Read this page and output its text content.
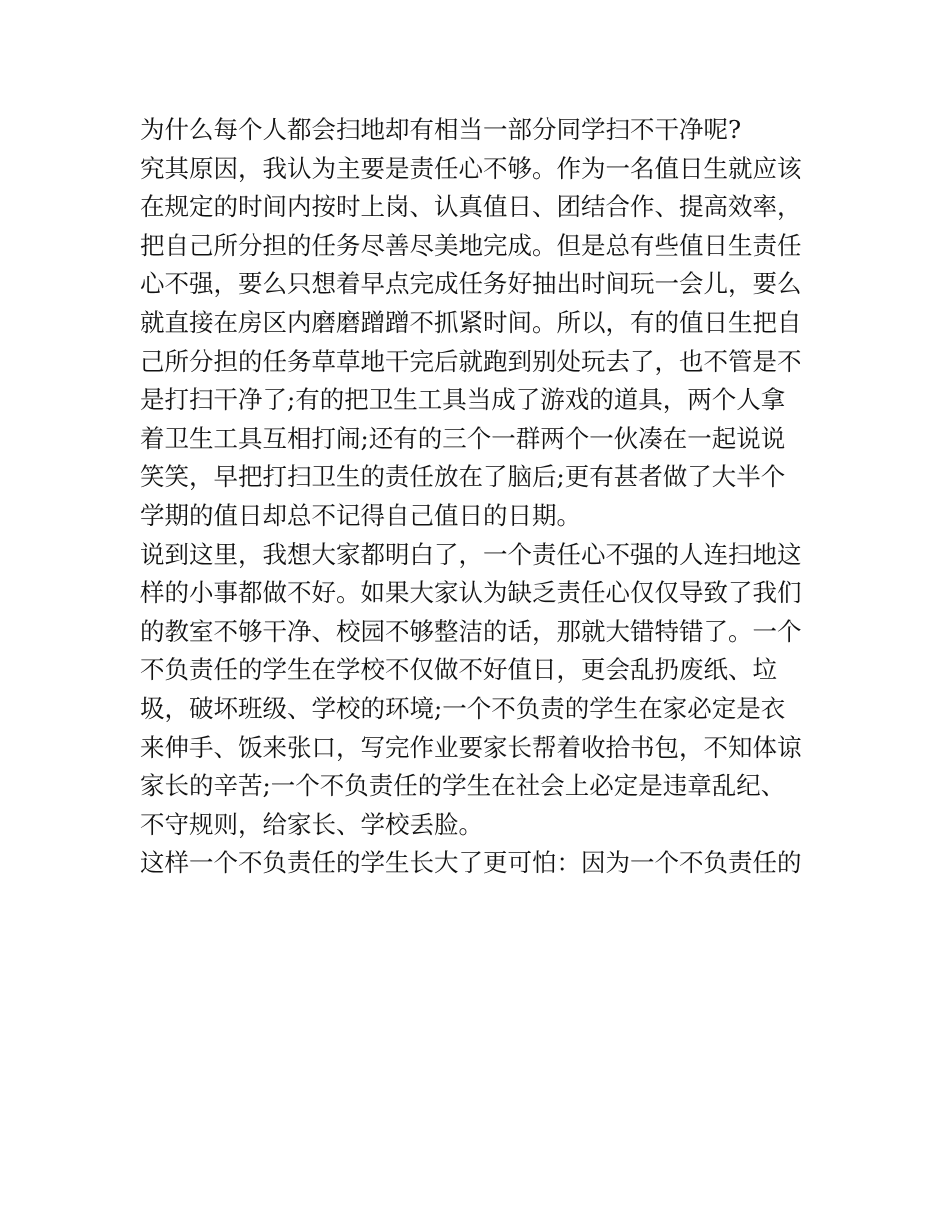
为什么每个人都会扫地却有相当一部分同学扫不干净呢?
究其原因，我认为主要是责任心不够。作为一名值日生就应该
在规定的时间内按时上岗、认真值日、团结合作、提高效率，
把自己所分担的任务尽善尽美地完成。但是总有些值日生责任
心不强，要么只想着早点完成任务好抽出时间玩一会儿，要么
就直接在房区内磨磨蹭蹭不抓紧时间。所以，有的值日生把自
己所分担的任务草草地干完后就跑到别处玩去了，也不管是不
是打扫干净了;有的把卫生工具当成了游戏的道具，两个人拿
着卫生工具互相打闹;还有的三个一群两个一伙凑在一起说说
笑笑，早把打扫卫生的责任放在了脑后;更有甚者做了大半个
学期的值日却总不记得自己值日的日期。
说到这里，我想大家都明白了，一个责任心不强的人连扫地这
样的小事都做不好。如果大家认为缺乏责任心仅仅导致了我们
的教室不够干净、校园不够整洁的话，那就大错特错了。一个
不负责任的学生在学校不仅做不好值日，更会乱扔废纸、垃
圾，破坏班级、学校的环境;一个不负责的学生在家必定是衣
来伸手、饭来张口，写完作业要家长帮着收拾书包，不知体谅
家长的辛苦;一个不负责任的学生在社会上必定是违章乱纪、
不守规则，给家长、学校丢脸。
这样一个不负责任的学生长大了更可怕：因为一个不负责任的
